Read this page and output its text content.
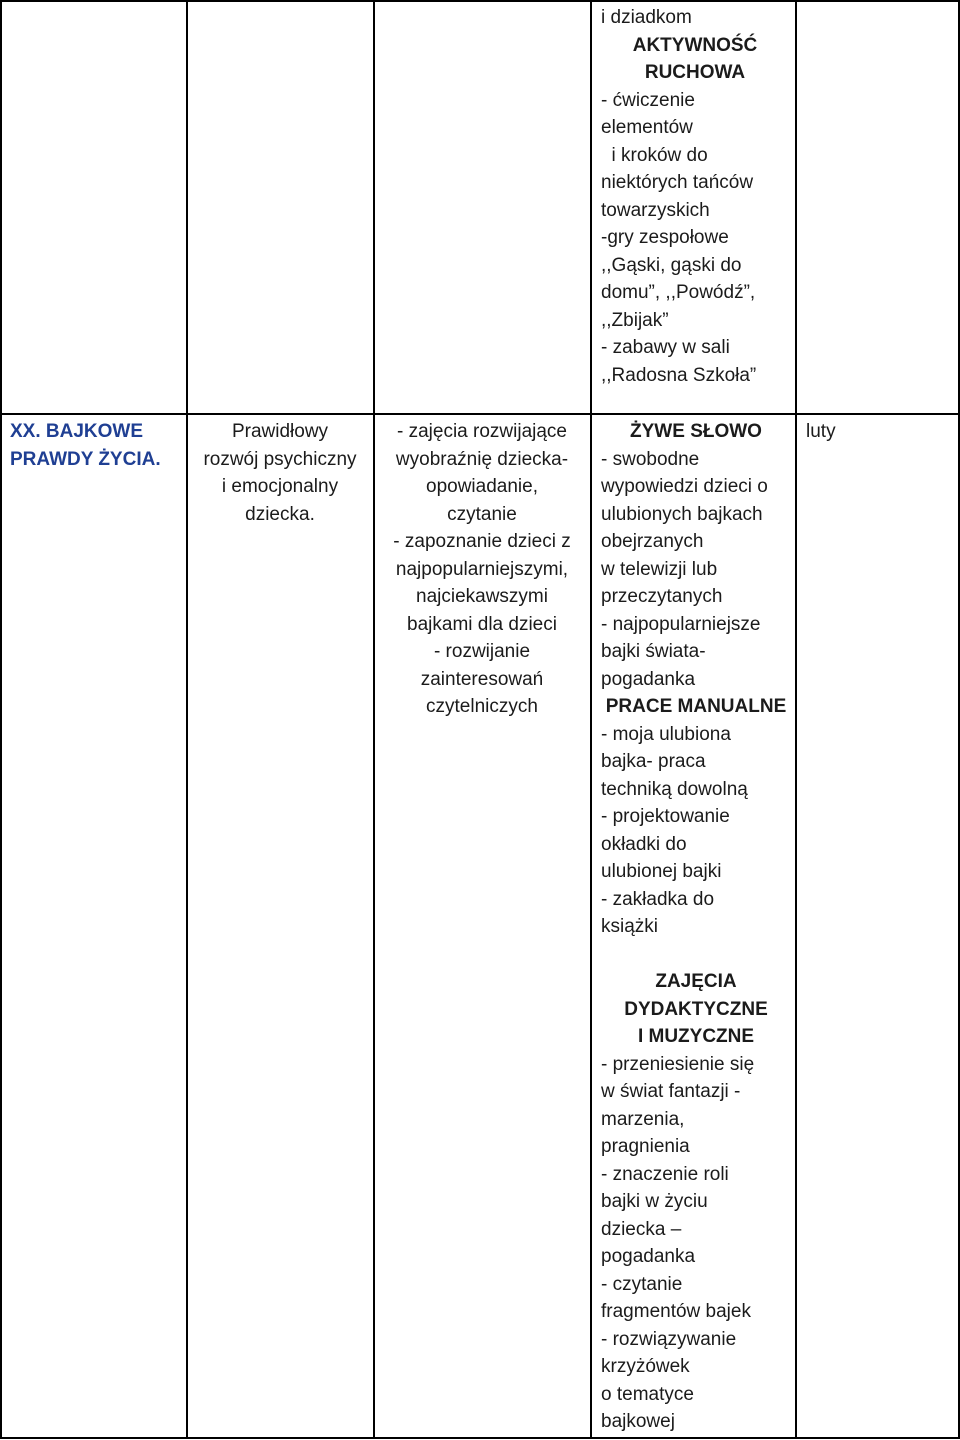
i dziadkom
AKTYWNOŚĆ
RUCHOWA
- ćwiczenie
elementów
i kroków do
niektórych tańców
towarzyskich
-gry zespołowe
,,Gąski, gąski do
domu”, ,,Powódź”,
,,Zbijak”
- zabawy w sali
,,Radosna Szkoła”
XX. BAJKOWE
PRAWDY ŻYCIA.
Prawidłowy
rozwój psychiczny
i emocjonalny
dziecka.
- zajęcia rozwijające
wyobraźnię dziecka-
opowiadanie,
czytanie
- zapoznanie dzieci z
najpopularniejszymi,
najciekawszymi
bajkami dla dzieci
- rozwijanie
zainteresowań
czytelniczych
ŻYWE SŁOWO
- swobodne
wypowiedzi dzieci o
ulubionych bajkach
obejrzanych
w telewizji lub
przeczytanych
- najpopularniejsze
bajki świata-
pogadanka
PRACE MANUALNE
- moja ulubiona
bajka- praca
techniką dowolną
- projektowanie
okładki do
ulubionej bajki
- zakładka do
książki
ZAJĘCIA
DYDAKTYCZNE
I MUZYCZNE
- przeniesienie się
w świat fantazji -
marzenia,
pragnienia
- znaczenie roli
bajki w życiu
dziecka –
pogadanka
- czytanie
fragmentów bajek
- rozwiązywanie
krzyżówek
o tematyce
bajkowej
luty
